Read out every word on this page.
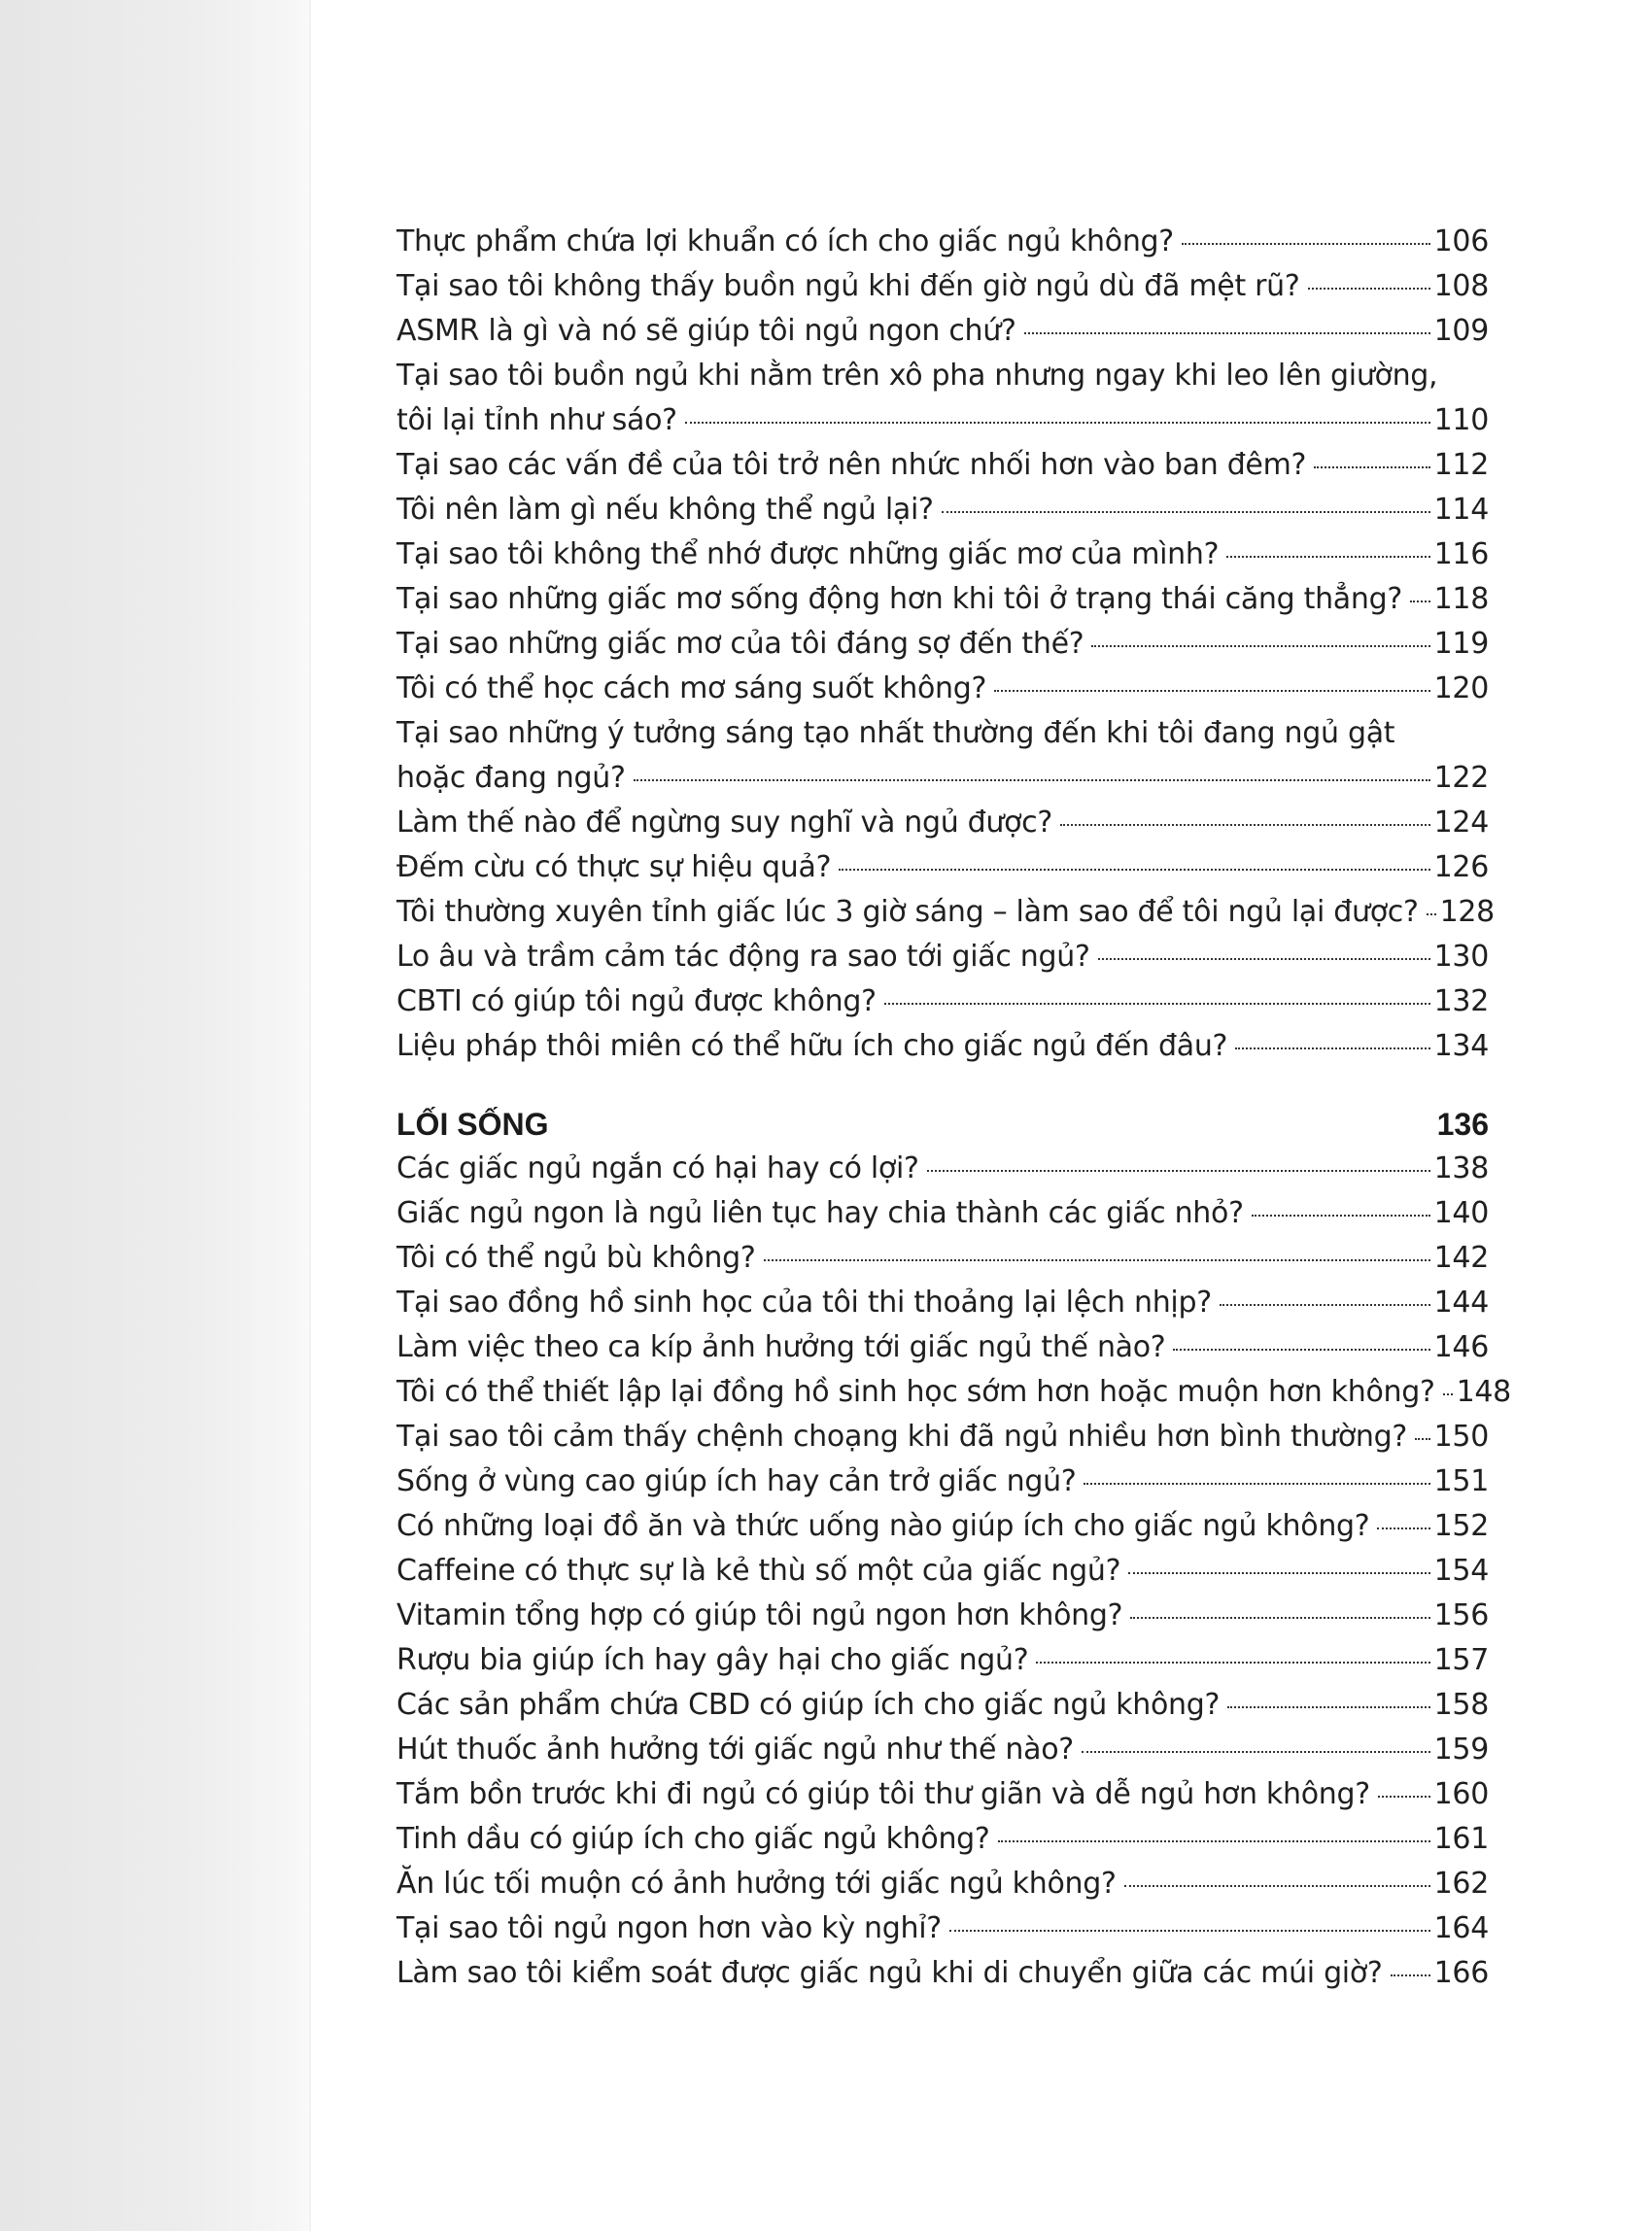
Thực phẩm chứa lợi khuẩn có ích cho giấc ngủ không?	106
Tại sao tôi không thấy buồn ngủ khi đến giờ ngủ dù đã mệt rũ?	108
ASMR là gì và nó sẽ giúp tôi ngủ ngon chứ?	109
Tại sao tôi buồn ngủ khi nằm trên xô pha nhưng ngay khi leo lên giường,
tôi lại tỉnh như sáo?	110
Tại sao các vấn đề của tôi trở nên nhức nhối hơn vào ban đêm?	112
Tôi nên làm gì nếu không thể ngủ lại?	114
Tại sao tôi không thể nhớ được những giấc mơ của mình?	116
Tại sao những giấc mơ sống động hơn khi tôi ở trạng thái căng thẳng? 118
Tại sao những giấc mơ của tôi đáng sợ đến thế?	119
Tôi có thể học cách mơ sáng suốt không?	120
Tại sao những ý tưởng sáng tạo nhất thường đến khi tôi đang ngủ gật
hoặc đang ngủ?	122
Làm thế nào để ngừng suy nghĩ và ngủ được?	124
Đếm cừu có thực sự hiệu quả?	126
Tôi thường xuyên tỉnh giấc lúc 3 giờ sáng – làm sao để tôi ngủ lại được? 128
Lo âu và trầm cảm tác động ra sao tới giấc ngủ?	130
CBTI có giúp tôi ngủ được không?	132
Liệu pháp thôi miên có thể hữu ích cho giấc ngủ đến đâu?	134
LỐI SỐNG	136
Các giấc ngủ ngắn có hại hay có lợi?	138
Giấc ngủ ngon là ngủ liên tục hay chia thành các giấc nhỏ?	140
Tôi có thể ngủ bù không?	142
Tại sao đồng hồ sinh học của tôi thi thoảng lại lệch nhịp?	144
Làm việc theo ca kíp ảnh hưởng tới giấc ngủ thế nào?	146
Tôi có thể thiết lập lại đồng hồ sinh học sớm hơn hoặc muộn hơn không? 148
Tại sao tôi cảm thấy chệnh choạng khi đã ngủ nhiều hơn bình thường? 150
Sống ở vùng cao giúp ích hay cản trở giấc ngủ?	151
Có những loại đồ ăn và thức uống nào giúp ích cho giấc ngủ không? 152
Caffeine có thực sự là kẻ thù số một của giấc ngủ?	154
Vitamin tổng hợp có giúp tôi ngủ ngon hơn không?	156
Rượu bia giúp ích hay gây hại cho giấc ngủ?	157
Các sản phẩm chứa CBD có giúp ích cho giấc ngủ không?	158
Hút thuốc ảnh hưởng tới giấc ngủ như thế nào?	159
Tắm bồn trước khi đi ngủ có giúp tôi thư giãn và dễ ngủ hơn không? 160
Tinh dầu có giúp ích cho giấc ngủ không?	161
Ăn lúc tối muộn có ảnh hưởng tới giấc ngủ không?	162
Tại sao tôi ngủ ngon hơn vào kỳ nghỉ?	164
Làm sao tôi kiểm soát được giấc ngủ khi di chuyển giữa các múi giờ? 166
